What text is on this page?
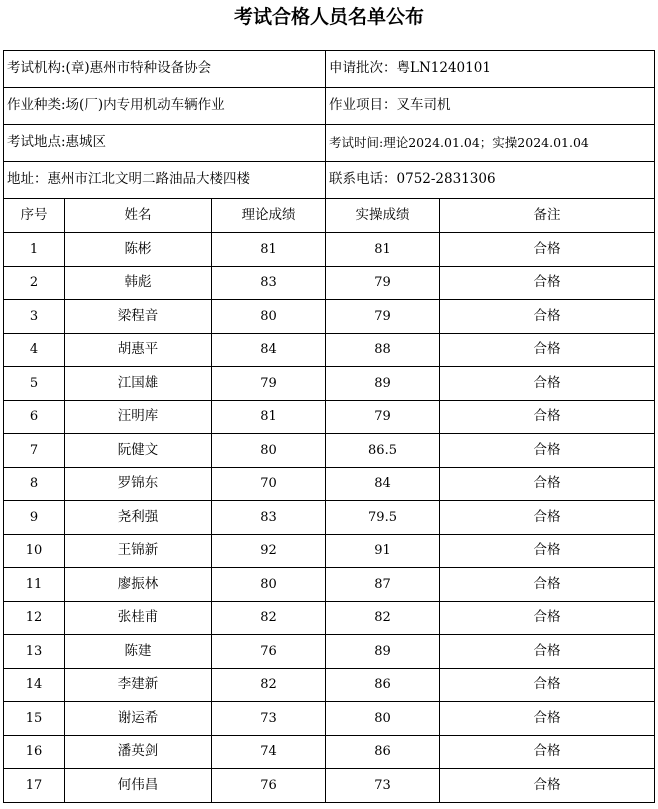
考试合格人员名单公布
考试机构:(章)惠州市特种设备协会			申请批次：粤LN1240101	
作业种类:场(厂)内专用机动车辆作业			作业项目：叉车司机	
考试地点:惠城区			考试时间:理论2024.01.04；实操2024.01.04	
地址：惠州市江北文明二路油品大楼四楼			联系电话：0752-2831306	
序号	姓名	理论成绩	实操成绩	备注
1	陈彬	81	81	合格
2	韩彪	83	79	合格
3	梁程音	80	79	合格
4	胡惠平	84	88	合格
5	江国雄	79	89	合格
6	汪明库	81	79	合格
7	阮健文	80	86.5	合格
8	罗锦东	70	84	合格
9	尧利强	83	79.5	合格
10	王锦新	92	91	合格
11	廖振林	80	87	合格
12	张桂甫	82	82	合格
13	陈建	76	89	合格
14	李建新	82	86	合格
15	谢运希	73	80	合格
16	潘英剑	74	86	合格
17	何伟昌	76	73	合格
